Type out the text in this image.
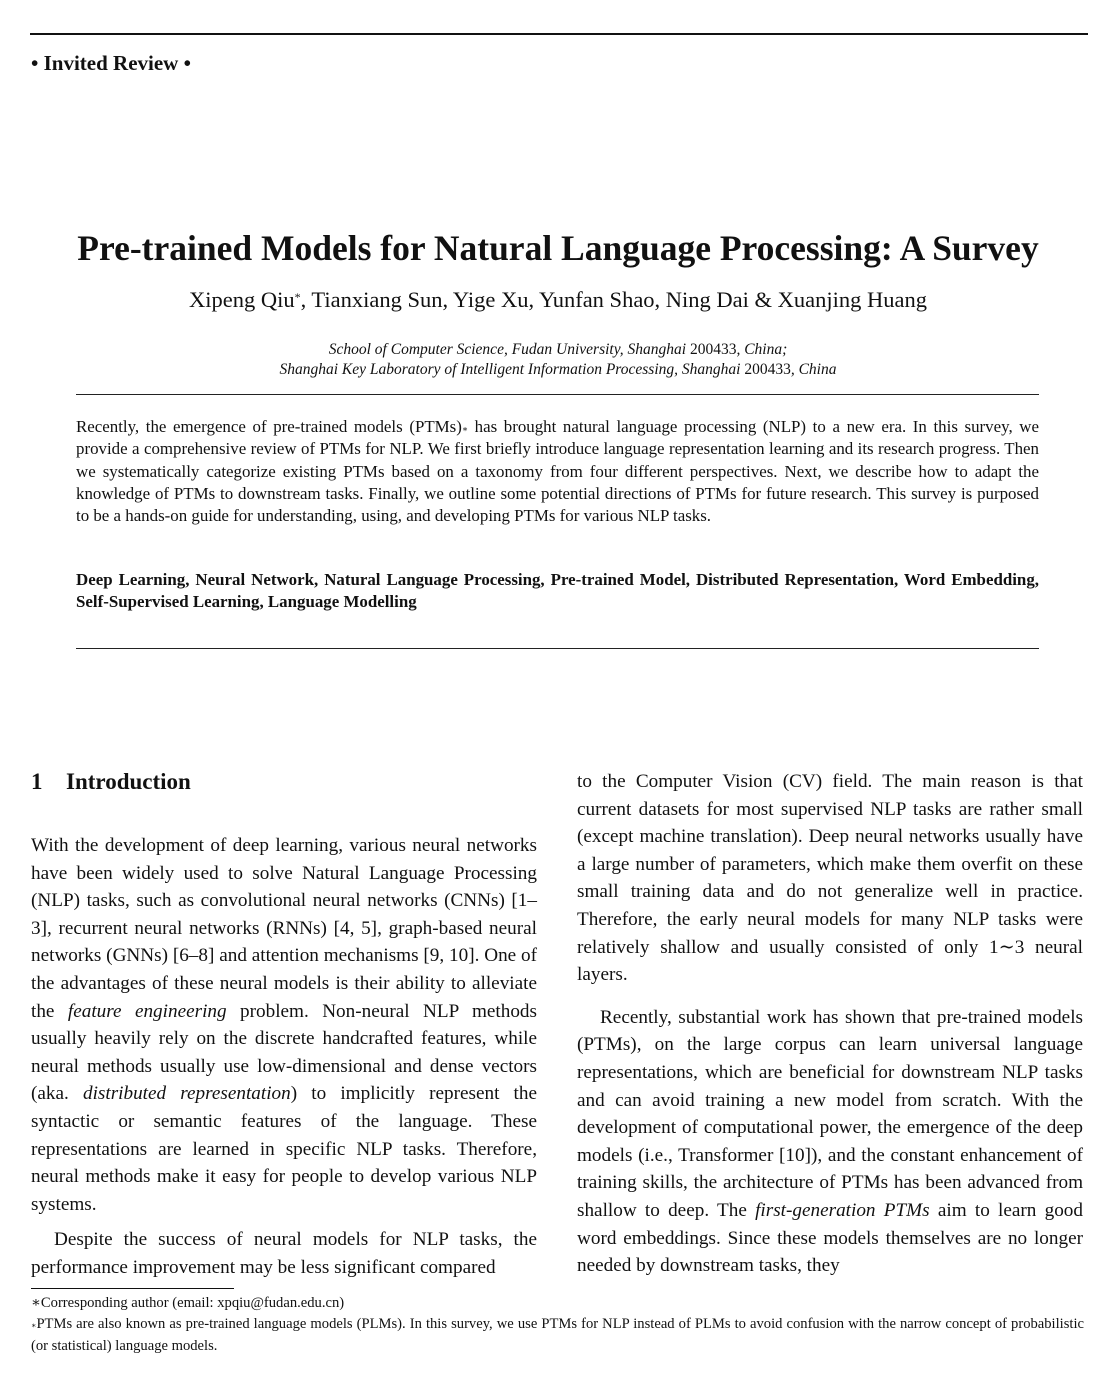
• Invited Review •
Pre-trained Models for Natural Language Processing: A Survey
Xipeng Qiu*, Tianxiang Sun, Yige Xu, Yunfan Shao, Ning Dai & Xuanjing Huang
School of Computer Science, Fudan University, Shanghai 200433, China;
Shanghai Key Laboratory of Intelligent Information Processing, Shanghai 200433, China
Recently, the emergence of pre-trained models (PTMs)∗ has brought natural language processing (NLP) to a new era. In this survey, we provide a comprehensive review of PTMs for NLP. We first briefly introduce language representation learning and its research progress. Then we systematically categorize existing PTMs based on a taxonomy from four different perspectives. Next, we describe how to adapt the knowledge of PTMs to downstream tasks. Finally, we outline some potential directions of PTMs for future research. This survey is purposed to be a hands-on guide for understanding, using, and developing PTMs for various NLP tasks.
Deep Learning, Neural Network, Natural Language Processing, Pre-trained Model, Distributed Representation, Word Embedding, Self-Supervised Learning, Language Modelling
1 Introduction

With the development of deep learning, various neural networks have been widely used to solve Natural Language Processing (NLP) tasks, such as convolutional neural networks (CNNs) [1–3], recurrent neural networks (RNNs) [4, 5], graph-based neural networks (GNNs) [6–8] and attention mechanisms [9, 10]. One of the advantages of these neural models is their ability to alleviate the feature engineering problem. Non-neural NLP methods usually heavily rely on the discrete handcrafted features, while neural methods usually use low-dimensional and dense vectors (aka. distributed representation) to implicitly represent the syntactic or semantic features of the language. These representations are learned in specific NLP tasks. Therefore, neural methods make it easy for people to develop various NLP systems.

Despite the success of neural models for NLP tasks, the performance improvement may be less significant compared

to the Computer Vision (CV) field. The main reason is that current datasets for most supervised NLP tasks are rather small (except machine translation). Deep neural networks usually have a large number of parameters, which make them overfit on these small training data and do not generalize well in practice. Therefore, the early neural models for many NLP tasks were relatively shallow and usually consisted of only 1∼3 neural layers.

Recently, substantial work has shown that pre-trained models (PTMs), on the large corpus can learn universal language representations, which are beneficial for downstream NLP tasks and can avoid training a new model from scratch. With the development of computational power, the emergence of the deep models (i.e., Transformer [10]), and the constant enhancement of training skills, the architecture of PTMs has been advanced from shallow to deep. The first-generation PTMs aim to learn good word embeddings. Since these models themselves are no longer needed by downstream tasks, they

∗Corresponding author (email: xpqiu@fudan.edu.cn)
∗PTMs are also known as pre-trained language models (PLMs). In this survey, we use PTMs for NLP instead of PLMs to avoid confusion with the narrow concept of probabilistic (or statistical) language models.
